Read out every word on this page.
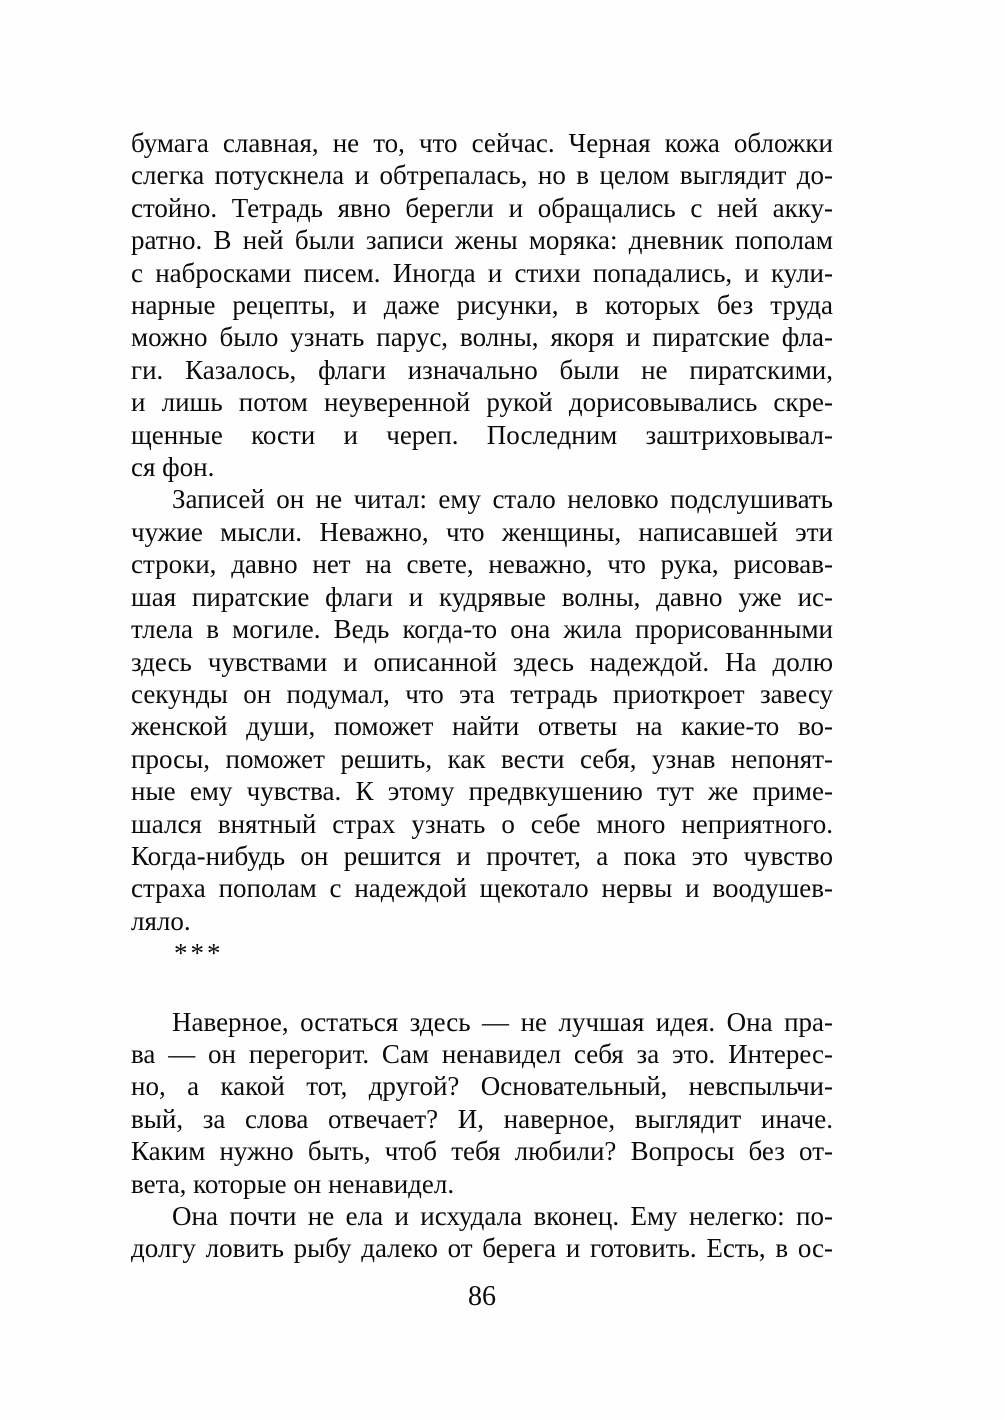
бумага славная, не то, что сейчас. Черная кожа обложки
слегка потускнела и обтрепалась, но в целом выглядит до-
стойно. Тетрадь явно берегли и обращались с ней акку-
ратно. В ней были записи жены моряка: дневник пополам
с набросками писем. Иногда и стихи попадались, и кули-
нарные рецепты, и даже рисунки, в которых без труда
можно было узнать парус, волны, якоря и пиратские фла-
ги. Казалось, флаги изначально были не пиратскими,
и лишь потом неуверенной рукой дорисовывались скре-
щенные кости и череп. Последним заштриховывал-
ся фон.
Записей он не читал: ему стало неловко подслушивать
чужие мысли. Неважно, что женщины, написавшей эти
строки, давно нет на свете, неважно, что рука, рисовав-
шая пиратские флаги и кудрявые волны, давно уже ис-
тлела в могиле. Ведь когда-то она жила прорисованными
здесь чувствами и описанной здесь надеждой. На долю
секунды он подумал, что эта тетрадь приоткроет завесу
женской души, поможет найти ответы на какие-то во-
просы, поможет решить, как вести себя, узнав непонят-
ные ему чувства. К этому предвкушению тут же приме-
шался внятный страх узнать о себе много неприятного.
Когда-нибудь он решится и прочтет, а пока это чувство
страха пополам с надеждой щекотало нервы и воодушев-
ляло.
***
Наверное, остаться здесь — не лучшая идея. Она пра-
ва — он перегорит. Сам ненавидел себя за это. Интерес-
но, а какой тот, другой? Основательный, невспыльчи-
вый, за слова отвечает? И, наверное, выглядит иначе.
Каким нужно быть, чтоб тебя любили? Вопросы без от-
вета, которые он ненавидел.
Она почти не ела и исхудала вконец. Ему нелегко: по-
долгу ловить рыбу далеко от берега и готовить. Есть, в ос-
86
